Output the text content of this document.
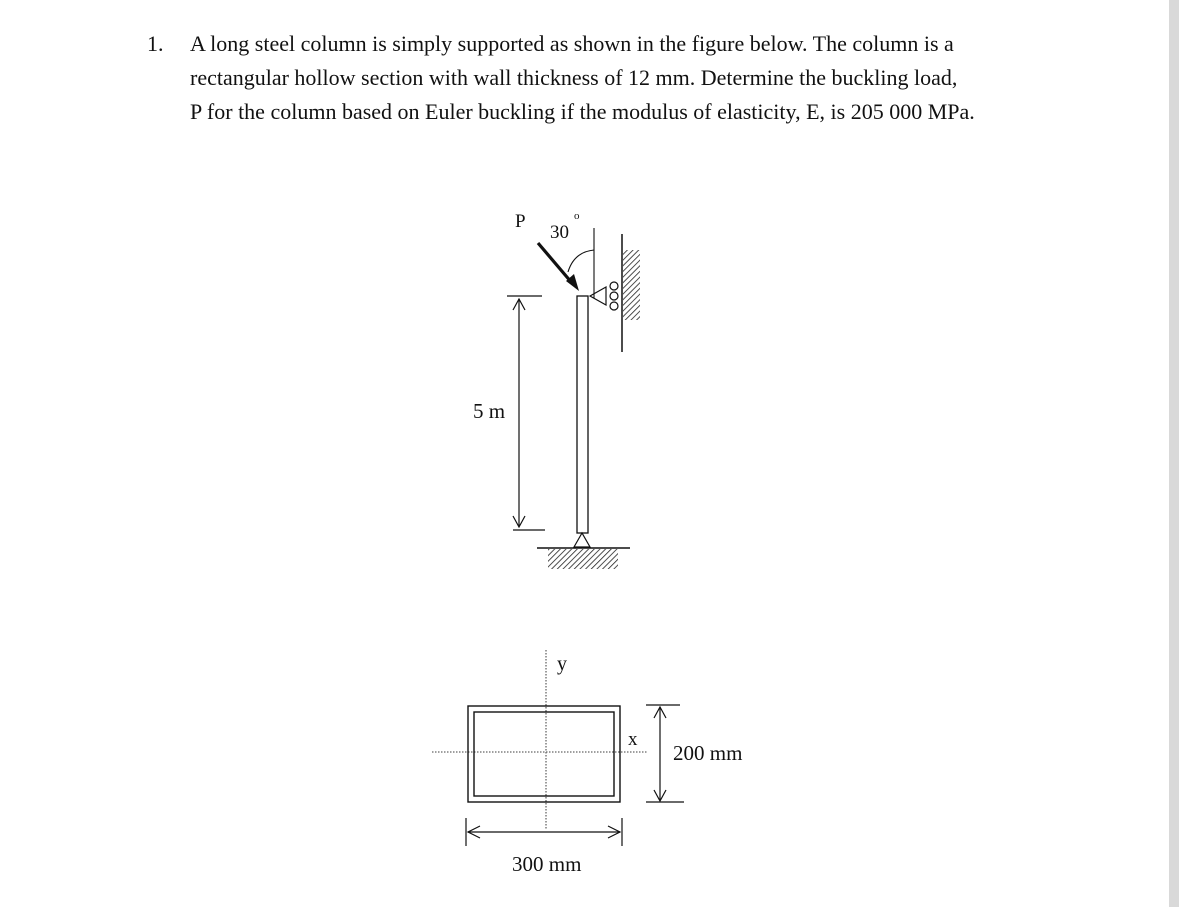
1. A long steel column is simply supported as shown in the figure below. The column is a
rectangular hollow section with wall thickness of 12 mm. Determine the buckling load,
P for the column based on Euler buckling if the modulus of elasticity, E, is 205 000 MPa.

P
30
o
5 m
y
x
200 mm
300 mm
